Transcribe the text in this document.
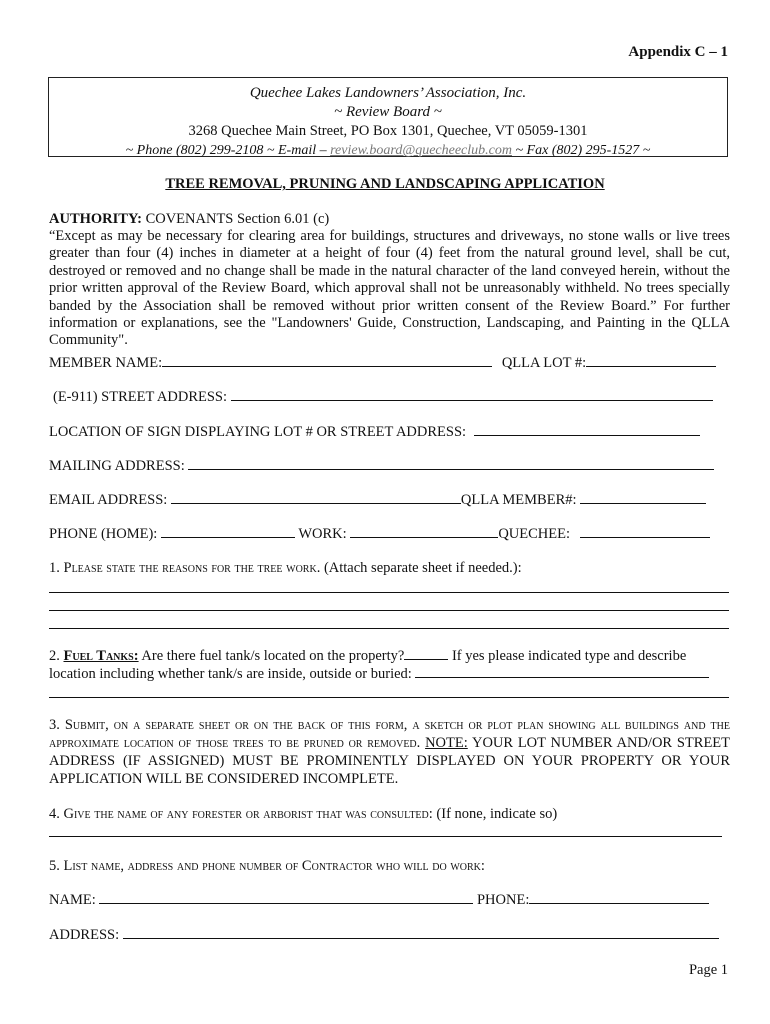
Appendix C – 1
Quechee Lakes Landowners’ Association, Inc.
~ Review Board ~
3268 Quechee Main Street, PO Box 1301, Quechee, VT 05059-1301
~ Phone (802) 299-2108 ~ E-mail – review.board@quecheeclub.com ~ Fax (802) 295-1527 ~
TREE REMOVAL, PRUNING AND LANDSCAPING APPLICATION
AUTHORITY: COVENANTS Section 6.01 (c)
“Except as may be necessary for clearing area for buildings, structures and driveways, no stone walls or live trees greater than four (4) inches in diameter at a height of four (4) feet from the natural ground level, shall be cut, destroyed or removed and no change shall be made in the natural character of the land conveyed herein, without the prior written approval of the Review Board, which approval shall not be unreasonably withheld. No trees specially banded by the Association shall be removed without prior written consent of the Review Board.” For further information or explanations, see the "Landowners' Guide, Construction, Landscaping, and Painting in the QLLA Community".
MEMBER NAME:	QLLA LOT #:
(E-911) STREET ADDRESS:
LOCATION OF SIGN DISPLAYING LOT # OR STREET ADDRESS:
MAILING ADDRESS:
EMAIL ADDRESS:	QLLA MEMBER#:
PHONE (HOME):	WORK:	QUECHEE:
1. Please state the reasons for the tree work. (Attach separate sheet if needed.):
2. Fuel Tanks: Are there fuel tank/s located on the property?	If yes please indicated type and describe
location including whether tank/s are inside, outside or buried:
3. Submit, on a separate sheet or on the back of this form, a sketch or plot plan showing all buildings and the approximate location of those trees to be pruned or removed. NOTE: YOUR LOT NUMBER AND/OR STREET ADDRESS (IF ASSIGNED) MUST BE PROMINENTLY DISPLAYED ON YOUR PROPERTY OR YOUR APPLICATION WILL BE CONSIDERED INCOMPLETE.
4. Give the name of any forester or arborist that was consulted: (If none, indicate so)
5. List name, address and phone number of Contractor who will do work:
NAME:	PHONE:
ADDRESS:
Page 1
